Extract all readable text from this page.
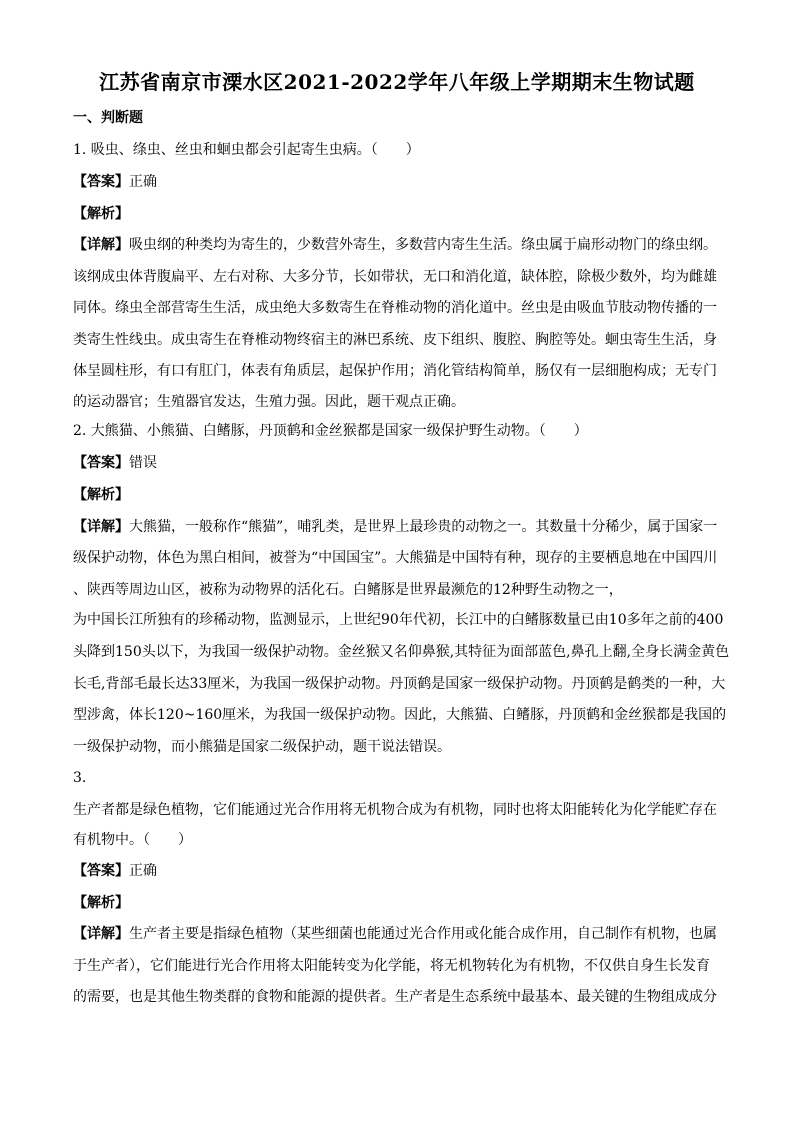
江苏省南京市溧水区2021-2022学年八年级上学期期末生物试题
一、判断题
1. 吸虫、绦虫、丝虫和蛔虫都会引起寄生虫病。（　　）
【答案】正确
【解析】
【详解】吸虫纲的种类均为寄生的，少数营外寄生，多数营内寄生生活。绦虫属于扁形动物门的绦虫纲。
该纲成虫体背腹扁平、左右对称、大多分节，长如带状，无口和消化道，缺体腔，除极少数外，均为雌雄
同体。绦虫全部营寄生生活，成虫绝大多数寄生在脊椎动物的消化道中。丝虫是由吸血节肢动物传播的一
类寄生性线虫。成虫寄生在脊椎动物终宿主的淋巴系统、皮下组织、腹腔、胸腔等处。蛔虫寄生生活，身
体呈圆柱形，有口有肛门，体表有角质层，起保护作用；消化管结构简单，肠仅有一层细胞构成；无专门
的运动器官；生殖器官发达，生殖力强。因此，题干观点正确。
2. 大熊猫、小熊猫、白鳍豚，丹顶鹤和金丝猴都是国家一级保护野生动物。（　　）
【答案】错误
【解析】
【详解】大熊猫，一般称作“熊猫”，哺乳类，是世界上最珍贵的动物之一。其数量十分稀少，属于国家一
级保护动物，体色为黑白相间，被誉为“中国国宝”。大熊猫是中国特有种，现存的主要栖息地在中国四川
、陕西等周边山区，被称为动物界的活化石。白鳍豚是世界最濒危的12种野生动物之一，
为中国长江所独有的珍稀动物，监测显示，上世纪90年代初，长江中的白鳍豚数量已由10多年之前的400
头降到150头以下，为我国一级保护动物。金丝猴又名仰鼻猴,其特征为面部蓝色,鼻孔上翻,全身长满金黄色
长毛,背部毛最长达33厘米，为我国一级保护动物。丹顶鹤是国家一级保护动物。丹顶鹤是鹤类的一种，大
型涉禽，体长120~160厘米，为我国一级保护动物。因此，大熊猫、白鳍豚，丹顶鹤和金丝猴都是我国的
一级保护动物，而小熊猫是国家二级保护动，题干说法错误。
3.
生产者都是绿色植物，它们能通过光合作用将无机物合成为有机物，同时也将太阳能转化为化学能贮存在
有机物中。（　　）
【答案】正确
【解析】
【详解】生产者主要是指绿色植物（某些细菌也能通过光合作用或化能合成作用，自己制作有机物，也属
于生产者），它们能进行光合作用将太阳能转变为化学能，将无机物转化为有机物，不仅供自身生长发育
的需要，也是其他生物类群的食物和能源的提供者。生产者是生态系统中最基本、最关键的生物组成成分
